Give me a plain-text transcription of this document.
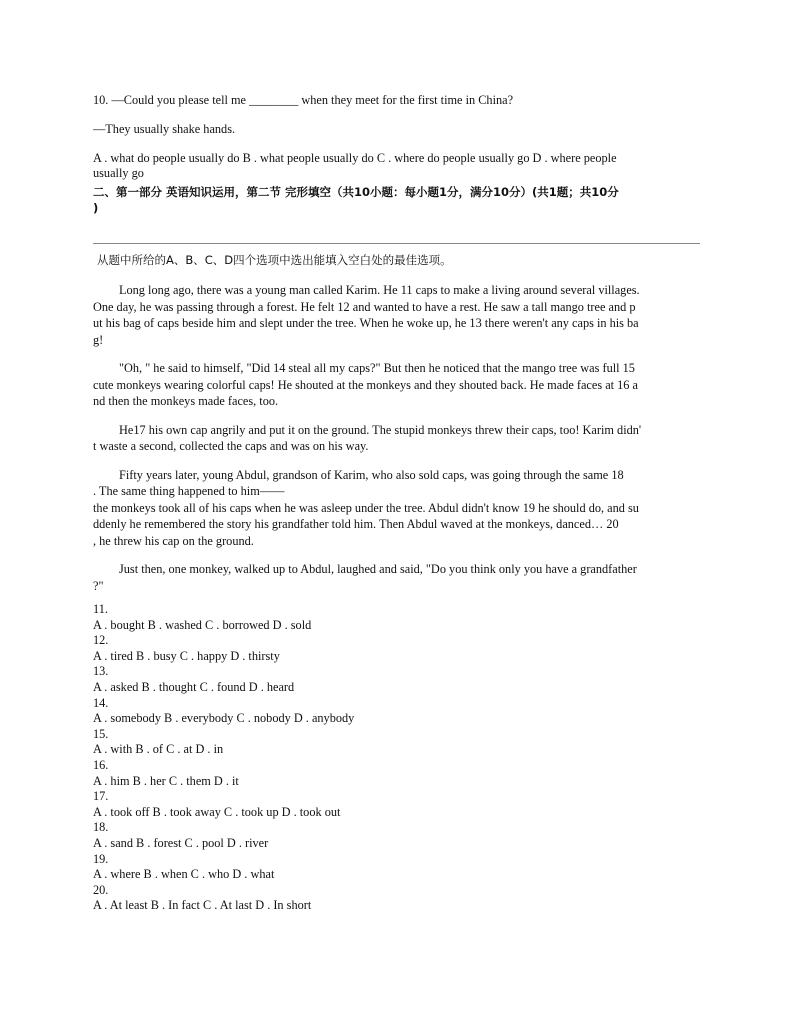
10. —Could you please tell me ________ when they meet for the first time in China?

—They usually shake hands.

A . what do people usually do B . what people usually do C . where do people usually go D . where people
usually go

二、第一部分 英语知识运用，第二节 完形填空（共10小题：每小题1分，满分10分）(共1题；共10分
)
从题中所给的A、B、C、D四个选项中选出能填入空白处的最佳选项。

Long long ago, there was a young man called Karim. He 11 caps to make a living around several villages.
One day, he was passing through a forest. He felt 12 and wanted to have a rest. He saw a tall mango tree and p
ut his bag of caps beside him and slept under the tree. When he woke up, he 13 there weren't any caps in his ba
g!

"Oh, " he said to himself, "Did 14 steal all my caps?" But then he noticed that the mango tree was full 15
cute monkeys wearing colorful caps! He shouted at the monkeys and they shouted back. He made faces at 16 a
nd then the monkeys made faces, too.

He17 his own cap angrily and put it on the ground. The stupid monkeys threw their caps, too! Karim didn'
t waste a second, collected the caps and was on his way.

Fifty years later, young Abdul, grandson of Karim, who also sold caps, was going through the same 18
. The same thing happened to him——
the monkeys took all of his caps when he was asleep under the tree. Abdul didn't know 19 he should do, and su
ddenly he remembered the story his grandfather told him. Then Abdul waved at the monkeys, danced… 20
, he threw his cap on the ground.

Just then, one monkey, walked up to Abdul, laughed and said, "Do you think only you have a grandfather
?"

11.

A . bought B . washed C . borrowed D . sold

12.

A . tired B . busy C . happy D . thirsty

13.

A . asked B . thought C . found D . heard

14.

A . somebody B . everybody C . nobody D . anybody

15.

A . with B . of C . at D . in

16.

A . him B . her C . them D . it

17.

A . took off B . took away C . took up D . took out

18.

A . sand B . forest C . pool D . river

19.

A . where B . when C . who D . what

20.

A . At least B . In fact C . At last D . In short
